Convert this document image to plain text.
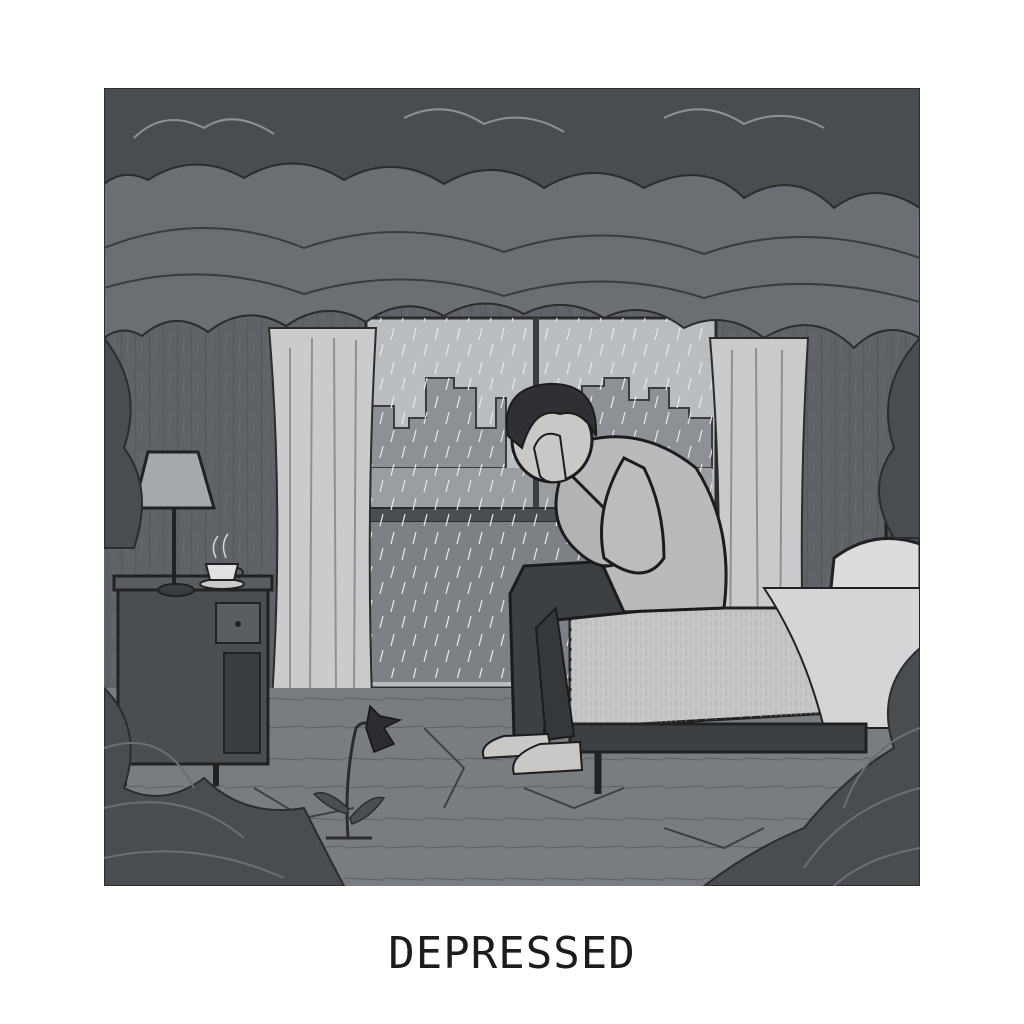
DEPRESSED
